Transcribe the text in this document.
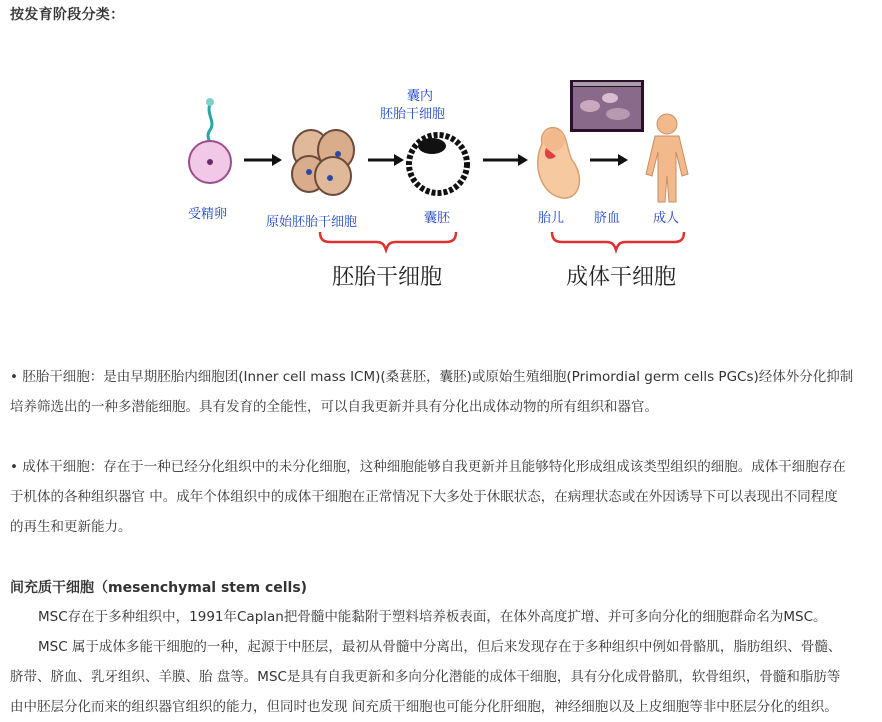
按发育阶段分类：
受精卵
原始胚胎干细胞
囊内
胚胎干细胞
囊胚	胎儿 脐血	成人
胚胎干细胞	成体干细胞
• 胚胎干细胞：是由早期胚胎内细胞团(Inner cell mass ICM)(桑葚胚，囊胚)或原始生殖细胞(Primordial germ cells PGCs)经体外分化抑制
培养筛选出的一种多潜能细胞。具有发育的全能性，可以自我更新并具有分化出成体动物的所有组织和器官。
• 成体干细胞：存在于一种已经分化组织中的未分化细胞，这种细胞能够自我更新并且能够特化形成组成该类型组织的细胞。成体干细胞存在
于机体的各种组织器官 中。成年个体组织中的成体干细胞在正常情况下大多处于休眠状态，在病理状态或在外因诱导下可以表现出不同程度
的再生和更新能力。
间充质干细胞（mesenchymal stem cells)
MSC存在于多种组织中，1991年Caplan把骨髓中能黏附于塑料培养板表面，在体外高度扩增、并可多向分化的细胞群命名为MSC。
MSC 属于成体多能干细胞的一种，起源于中胚层，最初从骨髓中分离出，但后来发现存在于多种组织中例如骨骼肌，脂肪组织、骨髓、
脐带、脐血、乳牙组织、羊膜、胎 盘等。MSC是具有自我更新和多向分化潜能的成体干细胞，具有分化成骨骼肌，软骨组织，骨髓和脂肪等
由中胚层分化而来的组织器官组织的能力，但同时也发现 间充质干细胞也可能分化肝细胞，神经细胞以及上皮细胞等非中胚层分化的组织。
